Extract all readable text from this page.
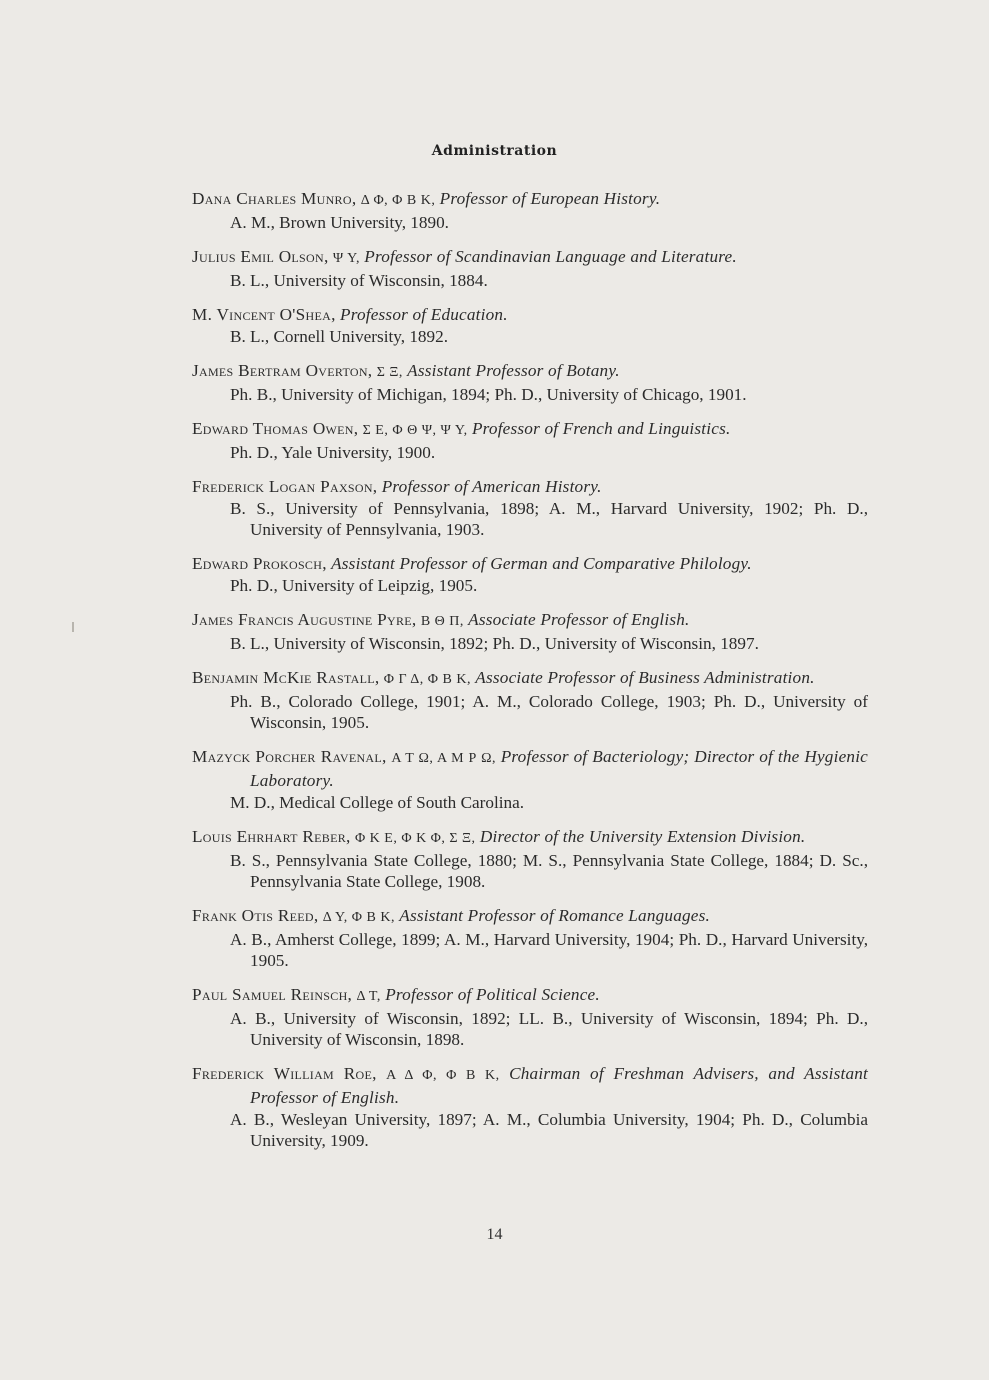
Administration
Dana Charles Munro, Δ Φ, Φ Β Κ, Professor of European History.
A. M., Brown University, 1890.
Julius Emil Olson, Ψ Υ, Professor of Scandinavian Language and Literature.
B. L., University of Wisconsin, 1884.
M. Vincent O'Shea, Professor of Education.
B. L., Cornell University, 1892.
James Bertram Overton, Σ Ξ, Assistant Professor of Botany.
Ph. B., University of Michigan, 1894; Ph. D., University of Chicago, 1901.
Edward Thomas Owen, Σ Ε, Φ Θ Ψ, Ψ Υ, Professor of French and Linguistics.
Ph. D., Yale University, 1900.
Frederick Logan Paxson, Professor of American History.
B. S., University of Pennsylvania, 1898; A. M., Harvard University, 1902; Ph. D., University of Pennsylvania, 1903.
Edward Prokosch, Assistant Professor of German and Comparative Philology.
Ph. D., University of Leipzig, 1905.
James Francis Augustine Pyre, Β Θ Π, Associate Professor of English.
B. L., University of Wisconsin, 1892; Ph. D., University of Wisconsin, 1897.
Benjamin McKie Rastall, Φ Γ Δ, Φ Β Κ, Associate Professor of Business Administration.
Ph. B., Colorado College, 1901; A. M., Colorado College, 1903; Ph. D., University of Wisconsin, 1905.
Mazyck Porcher Ravenal, Α Τ Ω, Α Μ Ρ Ω, Professor of Bacteriology; Director of the Hygienic Laboratory.
M. D., Medical College of South Carolina.
Louis Ehrhart Reber, Φ Κ Ε, Φ Κ Φ, Σ Ξ, Director of the University Extension Division.
B. S., Pennsylvania State College, 1880; M. S., Pennsylvania State College, 1884; D. Sc., Pennsylvania State College, 1908.
Frank Otis Reed, Δ Υ, Φ Β Κ, Assistant Professor of Romance Languages.
A. B., Amherst College, 1899; A. M., Harvard University, 1904; Ph. D., Harvard University, 1905.
Paul Samuel Reinsch, Δ Τ, Professor of Political Science.
A. B., University of Wisconsin, 1892; LL. B., University of Wisconsin, 1894; Ph. D., University of Wisconsin, 1898.
Frederick William Roe, Α Δ Φ, Φ Β Κ, Chairman of Freshman Advisers, and Assistant Professor of English.
A. B., Wesleyan University, 1897; A. M., Columbia University, 1904; Ph. D., Columbia University, 1909.
14
